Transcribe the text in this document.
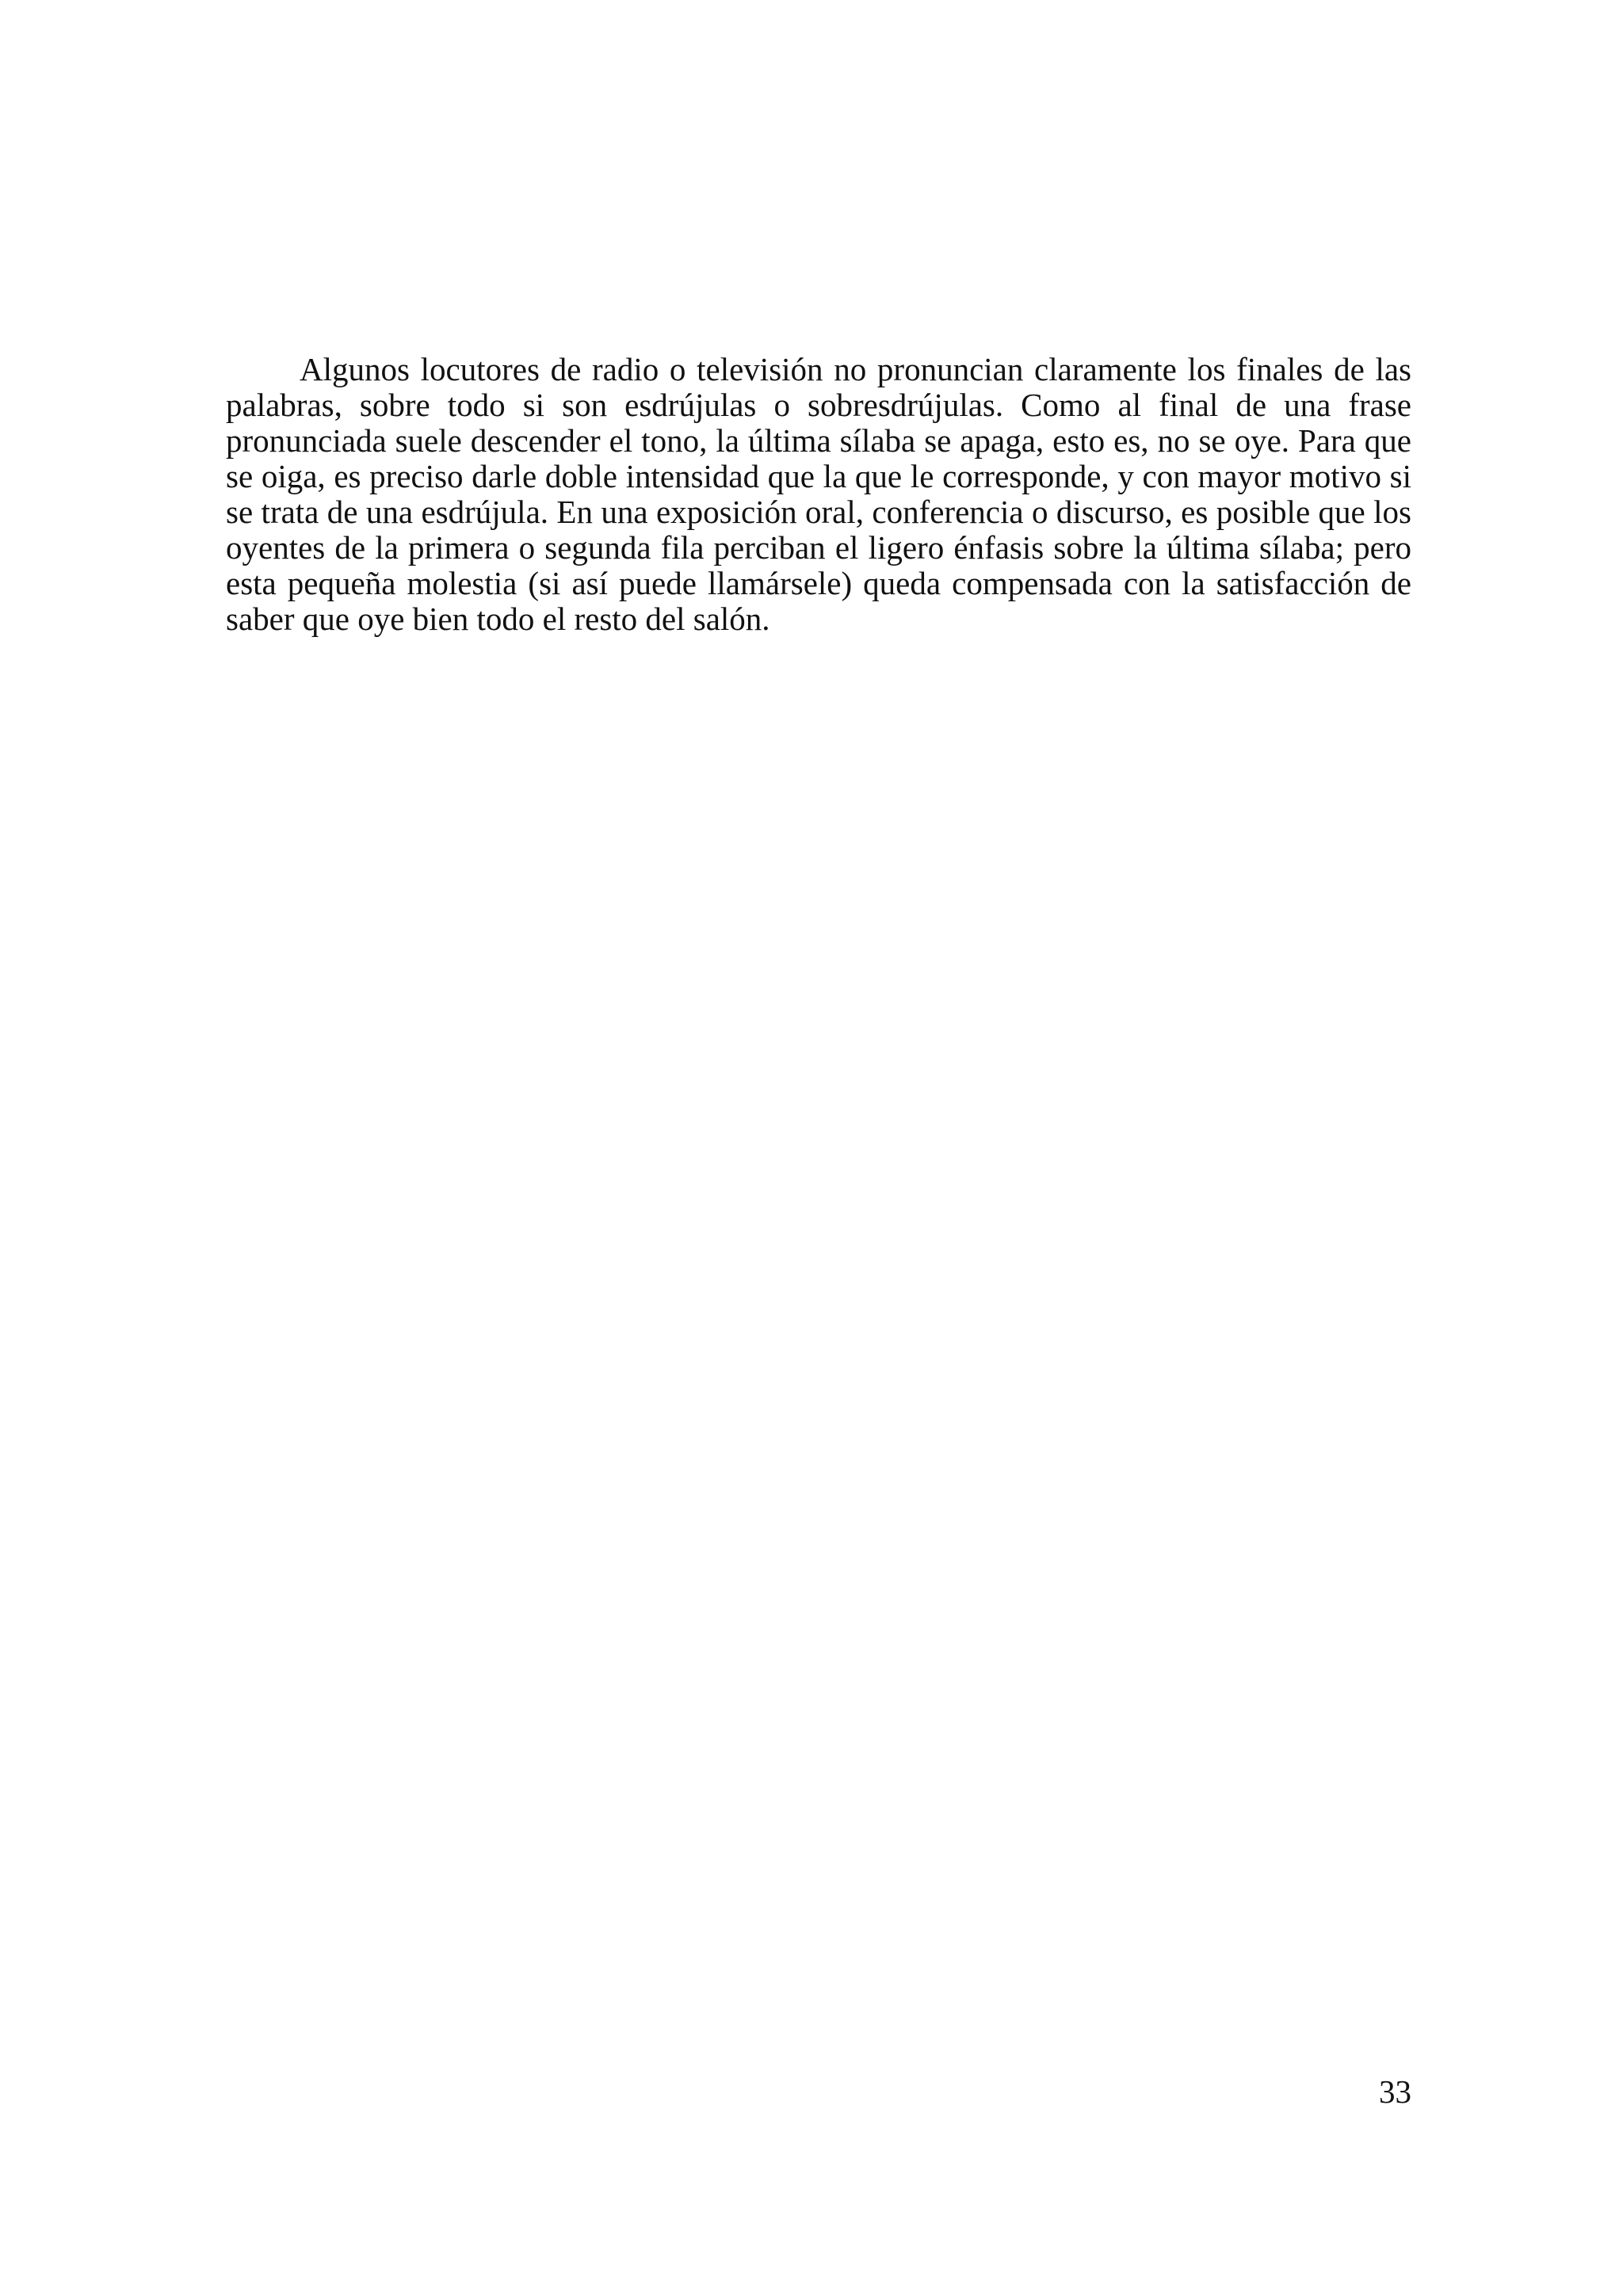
Algunos locutores de radio o televisión no pronuncian claramente los finales de las palabras, sobre todo si son esdrújulas o sobresdrújulas. Como al final de una frase pronunciada suele descender el tono, la última sílaba se apaga, esto es, no se oye. Para que se oiga, es preciso darle doble intensidad que la que le corresponde, y con mayor motivo si se trata de una esdrújula. En una exposición oral, conferencia o discurso, es posible que los oyentes de la primera o segunda fila perciban el ligero énfasis sobre la última sílaba; pero esta pequeña molestia (si así puede llamársele) queda compensada con la satisfacción de saber que oye bien todo el resto del salón.

33
